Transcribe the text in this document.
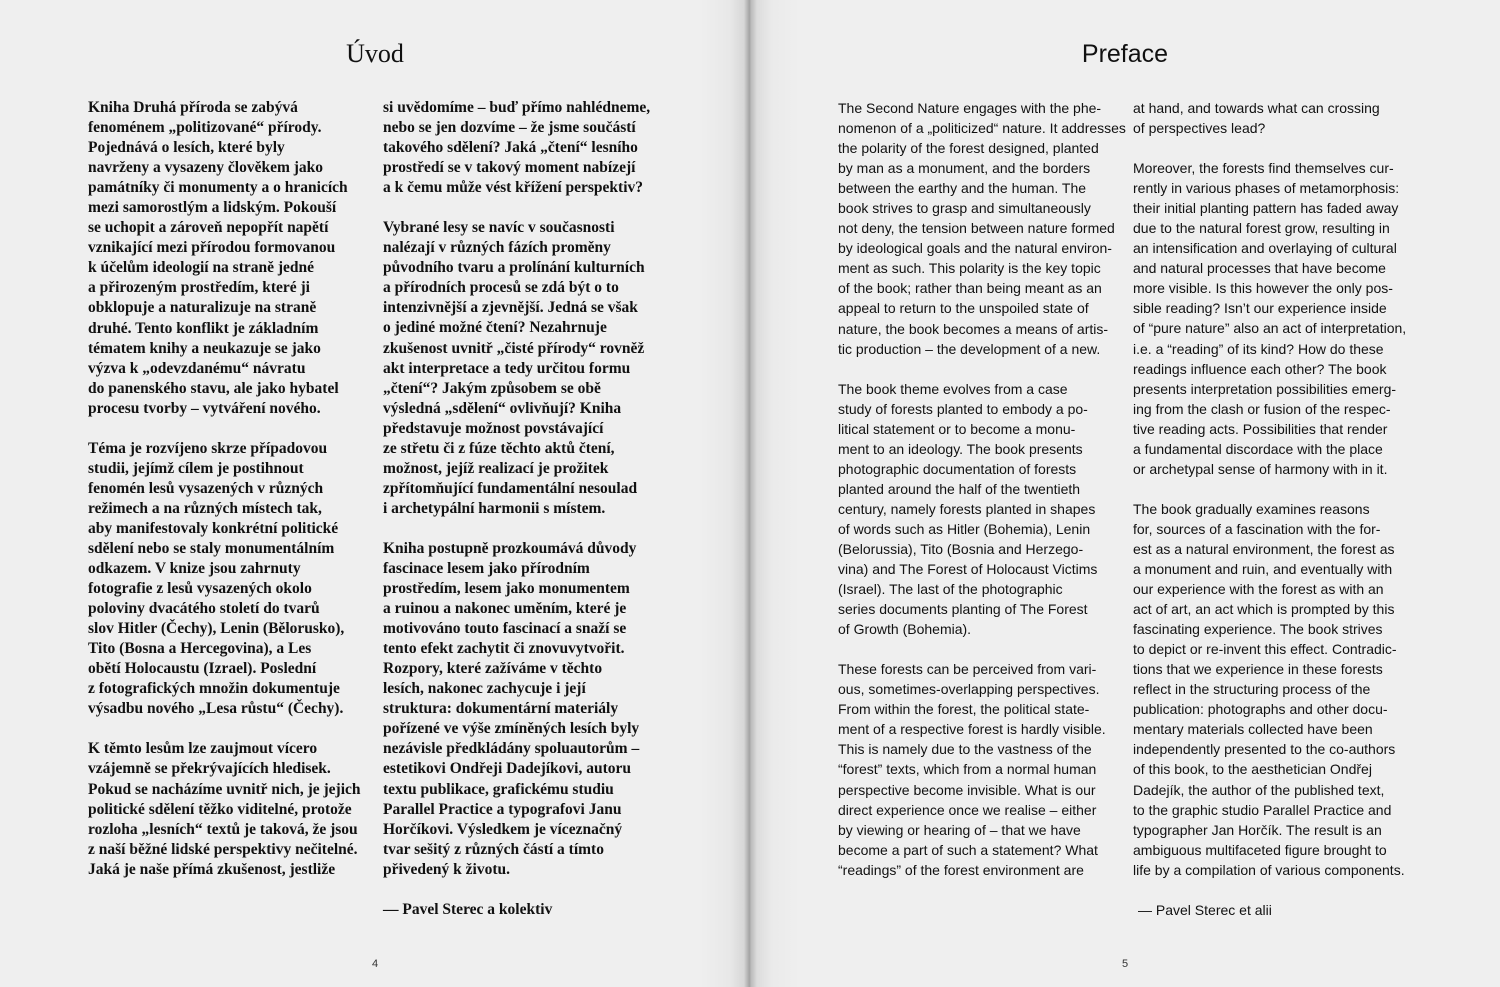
Úvod

Kniha Druhá příroda se zabývá
fenoménem „politizované“ přírody.
Pojednává o lesích, které byly
navrženy a vysazeny člověkem jako
památníky či monumenty a o hranicích
mezi samorostlým a lidským. Pokouší
se uchopit a zároveň nepopřít napětí
vznikající mezi přírodou formovanou
k účelům ideologií na straně jedné
a přirozeným prostředím, které ji
obklopuje a naturalizuje na straně
druhé. Tento konflikt je základním
tématem knihy a neukazuje se jako
výzva k „odevzdanému“ návratu
do panenského stavu, ale jako hybatel
procesu tvorby – vytváření nového.

Téma je rozvíjeno skrze případovou
studii, jejímž cílem je postihnout
fenomén lesů vysazených v různých
režimech a na různých místech tak,
aby manifestovaly konkrétní politické
sdělení nebo se staly monumentálním
odkazem. V knize jsou zahrnuty
fotografie z lesů vysazených okolo
poloviny dvacátého století do tvarů
slov Hitler (Čechy), Lenin (Bělorusko),
Tito (Bosna a Hercegovina), a Les
obětí Holocaustu (Izrael). Poslední
z fotografických množin dokumentuje
výsadbu nového „Lesa růstu“ (Čechy).

K těmto lesům lze zaujmout vícero
vzájemně se překrývajících hledisek.
Pokud se nacházíme uvnitř nich, je jejich
politické sdělení těžko viditelné, protože
rozloha „lesních“ textů je taková, že jsou
z naší běžné lidské perspektivy nečitelné.
Jaká je naše přímá zkušenost, jestliže

si uvědomíme – buď přímo nahlédneme,
nebo se jen dozvíme – že jsme součástí
takového sdělení? Jaká „čtení“ lesního
prostředí se v takový moment nabízejí
a k čemu může vést křížení perspektiv?

Vybrané lesy se navíc v současnosti
nalézají v různých fázích proměny
původního tvaru a prolínání kulturních
a přírodních procesů se zdá být o to
intenzivnější a zjevnější. Jedná se však
o jediné možné čtení? Nezahrnuje
zkušenost uvnitř „čisté přírody“ rovněž
akt interpretace a tedy určitou formu
„čtení“? Jakým způsobem se obě
výsledná „sdělení“ ovlivňují? Kniha
představuje možnost povstávající
ze střetu či z fúze těchto aktů čtení,
možnost, jejíž realizací je prožitek
zpřítomňující fundamentální nesoulad
i archetypální harmonii s místem.

Kniha postupně prozkoumává důvody
fascinace lesem jako přírodním
prostředím, lesem jako monumentem
a ruinou a nakonec uměním, které je
motivováno touto fascinací a snaží se
tento efekt zachytit či znovuvytvořit.
Rozpory, které zažíváme v těchto
lesích, nakonec zachycuje i její
struktura: dokumentární materiály
pořízené ve výše zmíněných lesích byly
nezávisle předkládány spoluautorům –
estetikovi Ondřeji Dadejíkovi, autoru
textu publikace, grafickému studiu
Parallel Practice a typografovi Janu
Horčíkovi. Výsledkem je víceznačný
tvar sešitý z různých částí a tímto
přivedený k životu.

— Pavel Sterec a kolektiv
4
Preface

The Second Nature engages with the phe-
nomenon of a „politicized“ nature. It addresses
the polarity of the forest designed, planted
by man as a monument, and the borders
between the earthy and the human. The
book strives to grasp and simultaneously
not deny, the tension between nature formed
by ideological goals and the natural environ-
ment as such. This polarity is the key topic
of the book; rather than being meant as an
appeal to return to the unspoiled state of
nature, the book becomes a means of artis-
tic production – the development of a new.

The book theme evolves from a case
study of forests planted to embody a po-
litical statement or to become a monu-
ment to an ideology. The book presents
photographic documentation of forests
planted around the half of the twentieth
century, namely forests planted in shapes
of words such as Hitler (Bohemia), Lenin
(Belorussia), Tito (Bosnia and Herzego-
vina) and The Forest of Holocaust Victims
(Israel). The last of the photographic
series documents planting of The Forest
of Growth (Bohemia).

These forests can be perceived from vari-
ous, sometimes-overlapping perspectives.
From within the forest, the political state-
ment of a respective forest is hardly visible.
This is namely due to the vastness of the
“forest” texts, which from a normal human
perspective become invisible. What is our
direct experience once we realise – either
by viewing or hearing of – that we have
become a part of such a statement? What
“readings” of the forest environment are

at hand, and towards what can crossing
of perspectives lead?

Moreover, the forests find themselves cur-
rently in various phases of metamorphosis:
their initial planting pattern has faded away
due to the natural forest grow, resulting in
an intensification and overlaying of cultural
and natural processes that have become
more visible. Is this however the only pos-
sible reading? Isn’t our experience inside
of “pure nature” also an act of interpretation,
i.e. a “reading” of its kind? How do these
readings influence each other? The book
presents interpretation possibilities emerg-
ing from the clash or fusion of the respec-
tive reading acts. Possibilities that render
a fundamental discordace with the place
or archetypal sense of harmony with in it.

The book gradually examines reasons
for, sources of a fascination with the for-
est as a natural environment, the forest as
a monument and ruin, and eventually with
our experience with the forest as with an
act of art, an act which is prompted by this
fascinating experience. The book strives
to depict or re-invent this effect. Contradic-
tions that we experience in these forests
reflect in the structuring process of the
publication: photographs and other docu-
mentary materials collected have been
independently presented to the co-authors
of this book, to the aesthetician Ondřej
Dadejík, the author of the published text,
to the graphic studio Parallel Practice and
typographer Jan Horčík. The result is an
ambiguous multifaceted figure brought to
life by a compilation of various components.

— Pavel Sterec et alii
5
